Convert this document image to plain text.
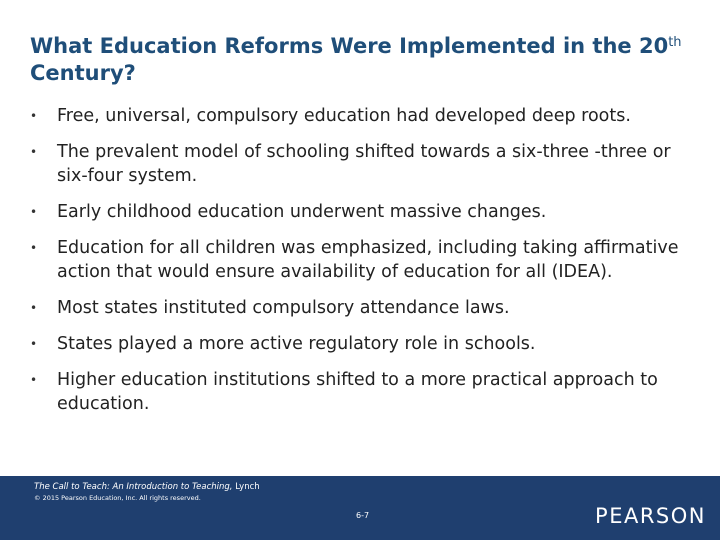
What Education Reforms Were Implemented in the 20th Century?
• Free, universal, compulsory education had developed deep roots.
• The prevalent model of schooling shifted towards a six-three -three or six-four system.
• Early childhood education underwent massive changes.
• Education for all children was emphasized, including taking affirmative action that would ensure availability of education for all (IDEA).
• Most states instituted compulsory attendance laws.
• States played a more active regulatory role in schools.
• Higher education institutions shifted to a more practical approach to education.
The Call to Teach: An Introduction to Teaching, Lynch
© 2015 Pearson Education, Inc. All rights reserved.
6-7	PEARSON
